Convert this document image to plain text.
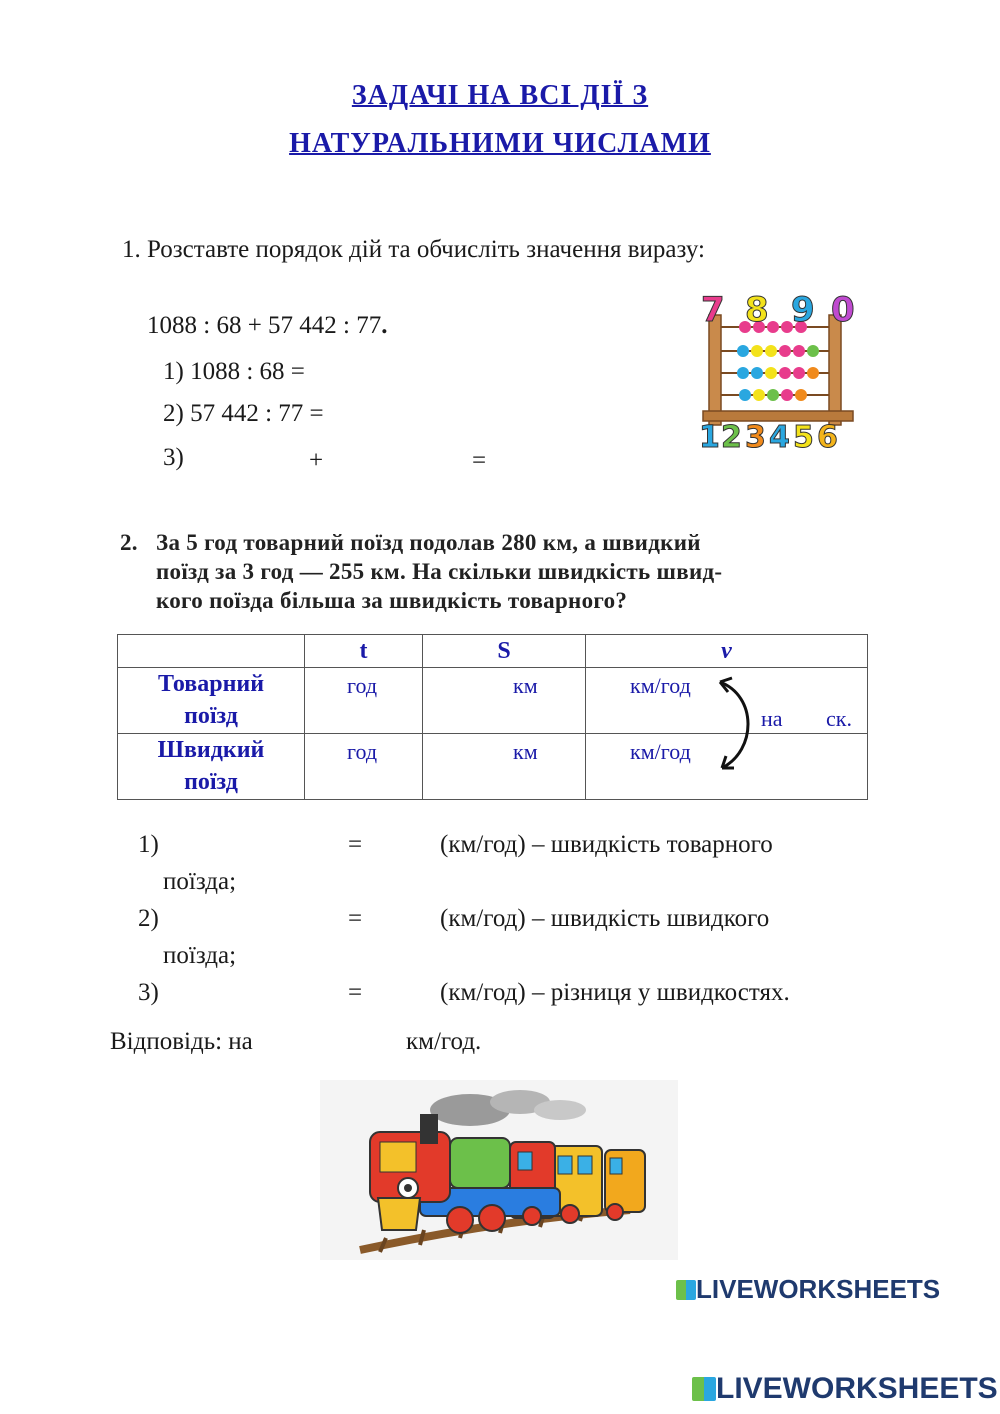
ЗАДАЧІ НА ВСІ ДІЇ З
НАТУРАЛЬНИМИ ЧИСЛАМИ
1. Розставте порядок дій та обчисліть значення виразу:
1088 : 68 + 57 442 : 77.
1) 1088 : 68 =
2) 57 442 : 77 =
3)	+	=
7 8 9 0
1 2 3 4 5 6
2. За 5 год товарний поїзд подолав 280 км, а швидкий
поїзд за 3 год — 255 км. На скільки швидкість швид-
кого поїзда більша за швидкість товарного?
	t	S	v

Товарний
поїзд	год	км	км/год

Швидкий
поїзд	год	км	км/год
на ск.
1)	=	(км/год) – швидкість товарного
поїзда;
2)	=	(км/год) – швидкість швидкого
поїзда;
3)	=	(км/год) – різниця у швидкостях.
Відповідь: на	км/год.
LIVEWORKSHEETS
LIVEWORKSHEETS
